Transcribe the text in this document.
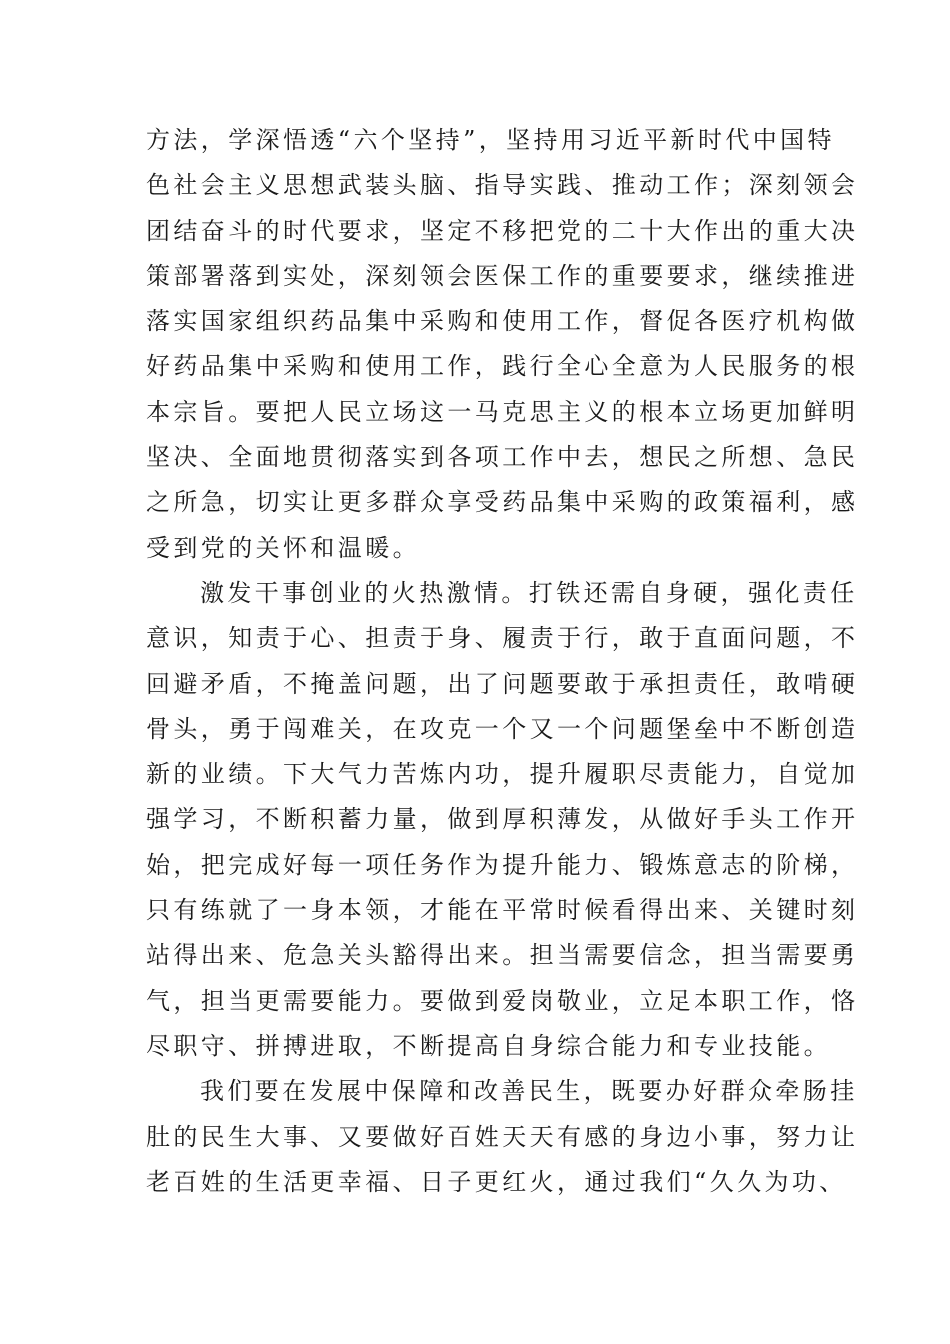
方法，学深悟透“六个坚持”，坚持用习近平新时代中国特
色社会主义思想武装头脑、指导实践、推动工作；深刻领会
团结奋斗的时代要求，坚定不移把党的二十大作出的重大决
策部署落到实处，深刻领会医保工作的重要要求，继续推进
落实国家组织药品集中采购和使用工作，督促各医疗机构做
好药品集中采购和使用工作，践行全心全意为人民服务的根
本宗旨。要把人民立场这一马克思主义的根本立场更加鲜明
坚决、全面地贯彻落实到各项工作中去，想民之所想、急民
之所急，切实让更多群众享受药品集中采购的政策福利，感
受到党的关怀和温暖。
激发干事创业的火热激情。打铁还需自身硬，强化责任
意识，知责于心、担责于身、履责于行，敢于直面问题，不
回避矛盾，不掩盖问题，出了问题要敢于承担责任，敢啃硬
骨头，勇于闯难关，在攻克一个又一个问题堡垒中不断创造
新的业绩。下大气力苦炼内功，提升履职尽责能力，自觉加
强学习，不断积蓄力量，做到厚积薄发，从做好手头工作开
始，把完成好每一项任务作为提升能力、锻炼意志的阶梯，
只有练就了一身本领，才能在平常时候看得出来、关键时刻
站得出来、危急关头豁得出来。担当需要信念，担当需要勇
气，担当更需要能力。要做到爱岗敬业，立足本职工作，恪
尽职守、拼搏进取，不断提高自身综合能力和专业技能。
我们要在发展中保障和改善民生，既要办好群众牵肠挂
肚的民生大事、又要做好百姓天天有感的身边小事，努力让
老百姓的生活更幸福、日子更红火，通过我们“久久为功、
